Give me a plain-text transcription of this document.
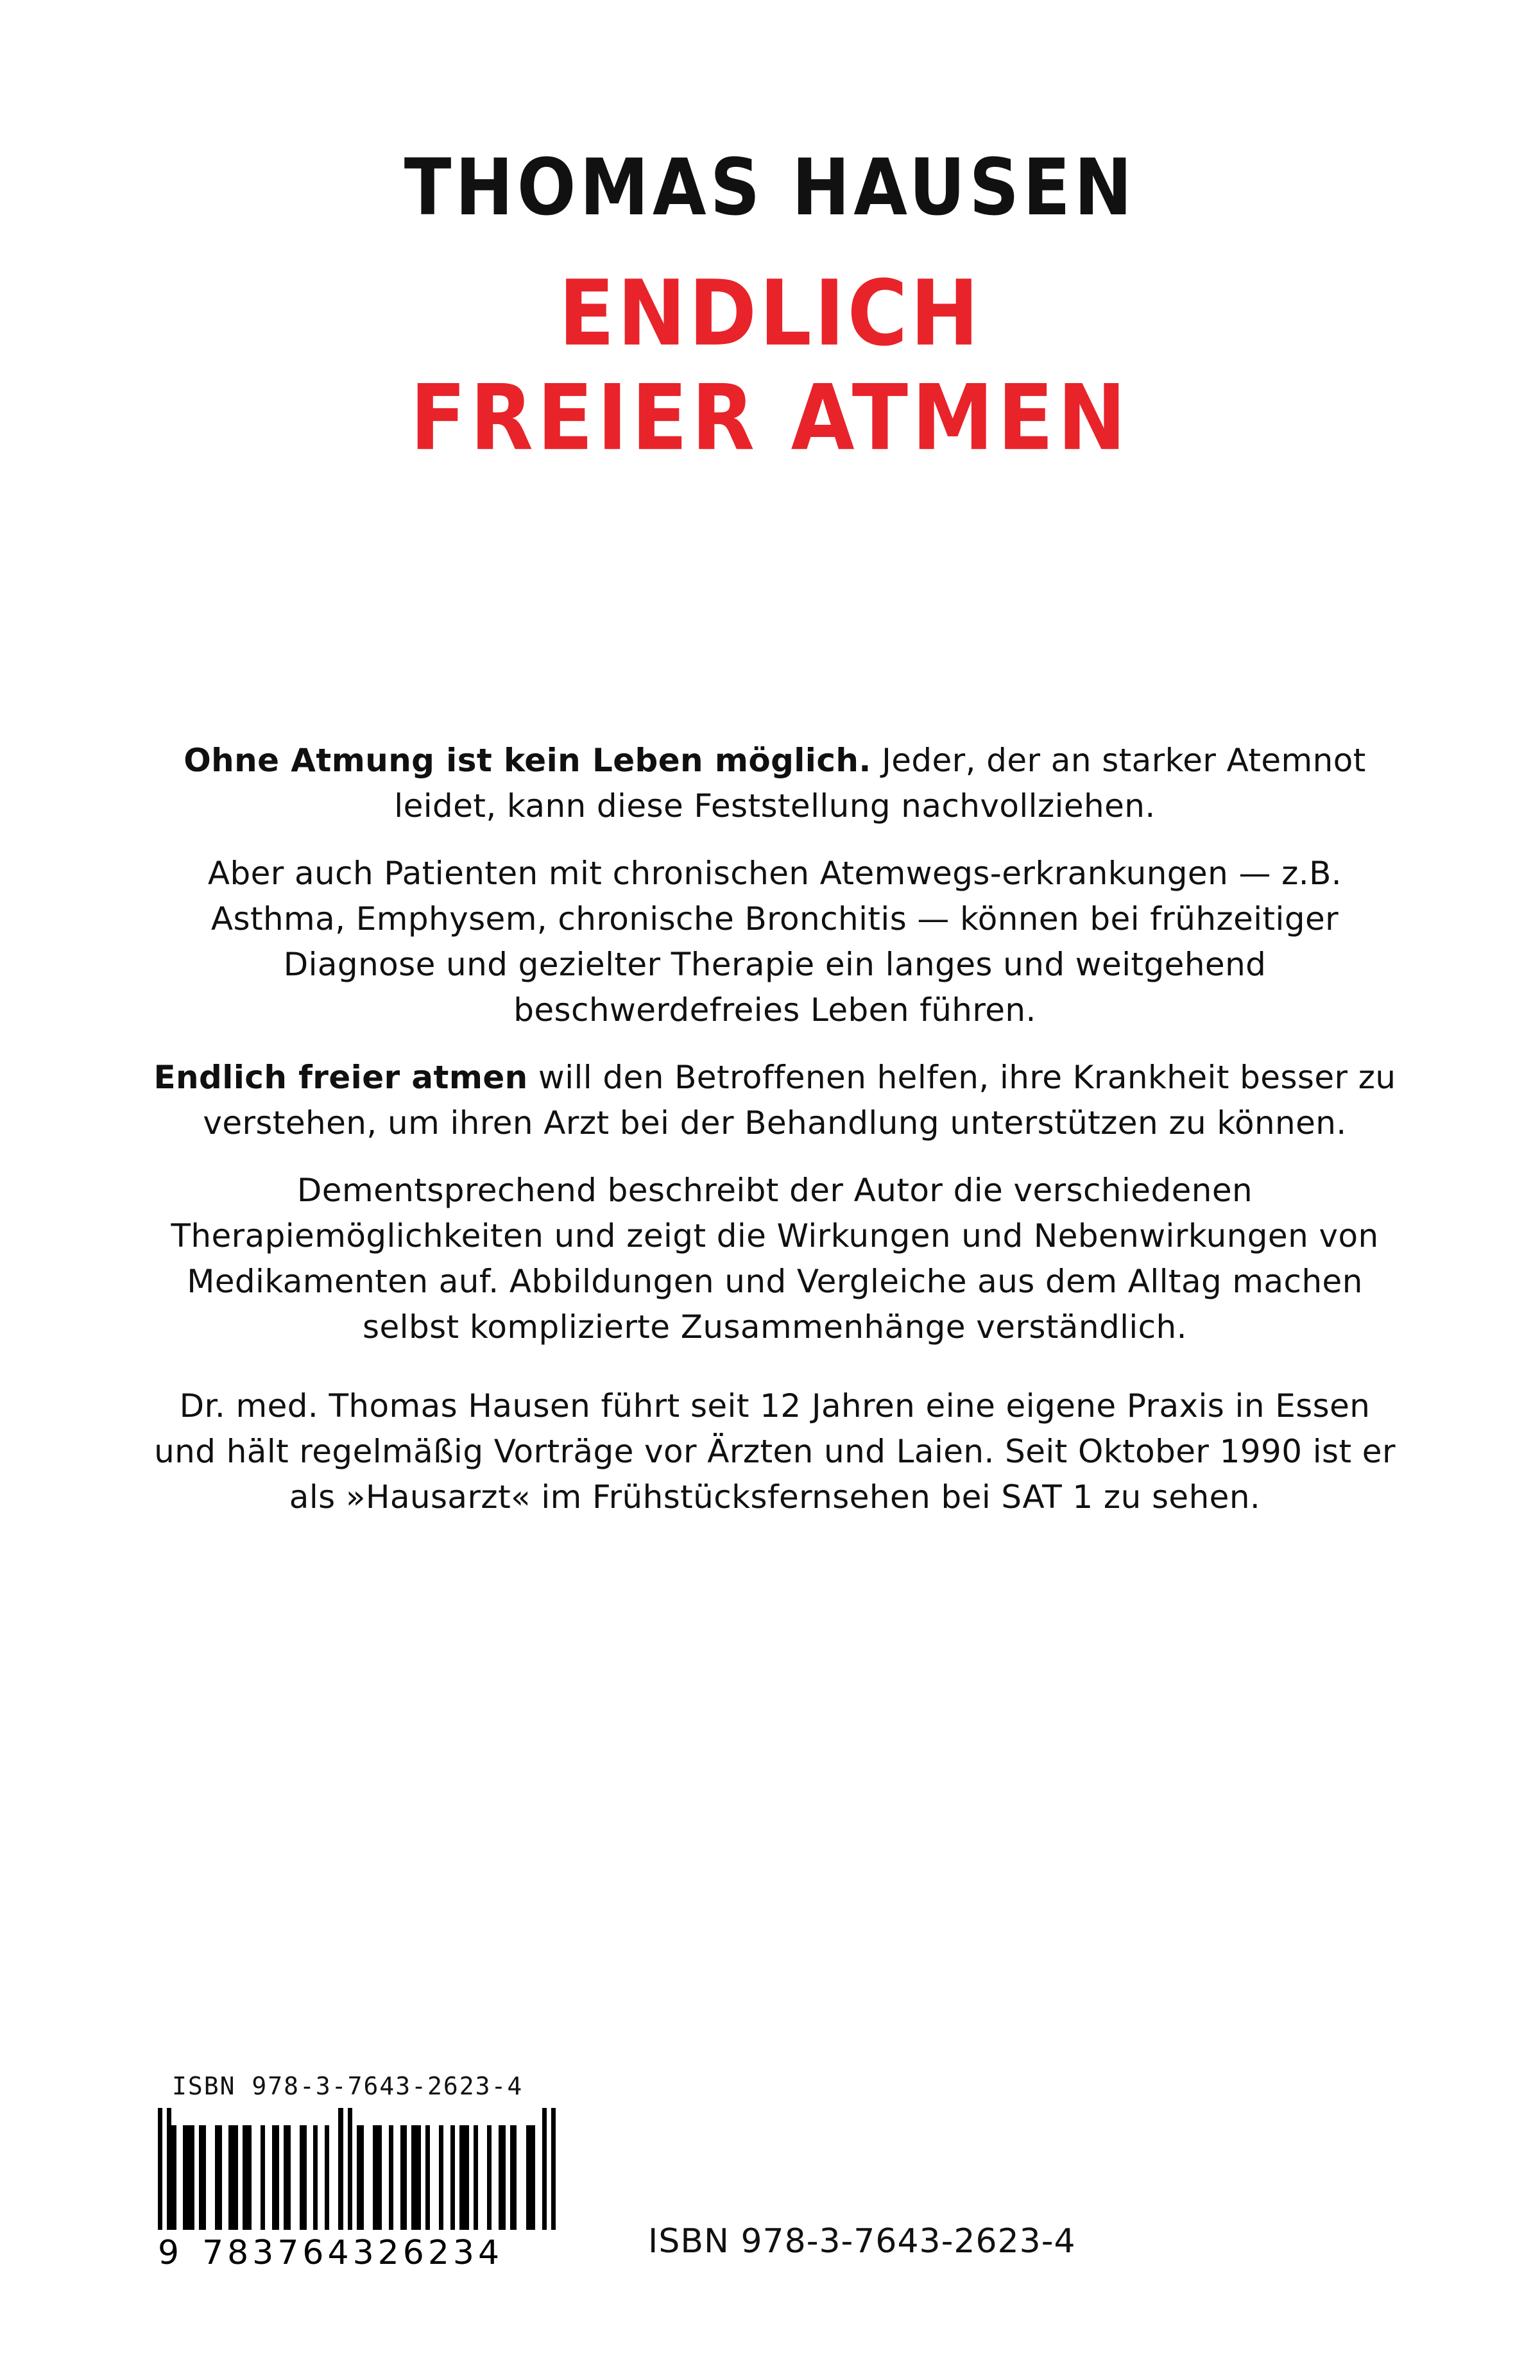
THOMAS HAUSEN
ENDLICH
FREIER ATMEN

Ohne Atmung ist kein Leben möglich. Jeder, der an starker Atemnot leidet, kann diese Feststellung nachvollziehen.

Aber auch Patienten mit chronischen Atemwegs-erkrankungen — z.B. Asthma, Emphysem, chronische Bronchitis — können bei frühzeitiger Diagnose und gezielter Therapie ein langes und weitgehend beschwerdefreies Leben führen.

Endlich freier atmen will den Betroffenen helfen, ihre Krankheit besser zu verstehen, um ihren Arzt bei der Behandlung unterstützen zu können.

Dementsprechend beschreibt der Autor die verschiedenen Therapiemöglichkeiten und zeigt die Wirkungen und Nebenwirkungen von Medikamenten auf. Abbildungen und Vergleiche aus dem Alltag machen selbst komplizierte Zusammenhänge verständlich.

Dr. med. Thomas Hausen führt seit 12 Jahren eine eigene Praxis in Essen und hält regelmäßig Vorträge vor Ärzten und Laien. Seit Oktober 1990 ist er als »Hausarzt« im Frühstücksfernsehen bei SAT 1 zu sehen.

ISBN 978-3-7643-2623-4
9 783764326234	ISBN 978-3-7643-2623-4
